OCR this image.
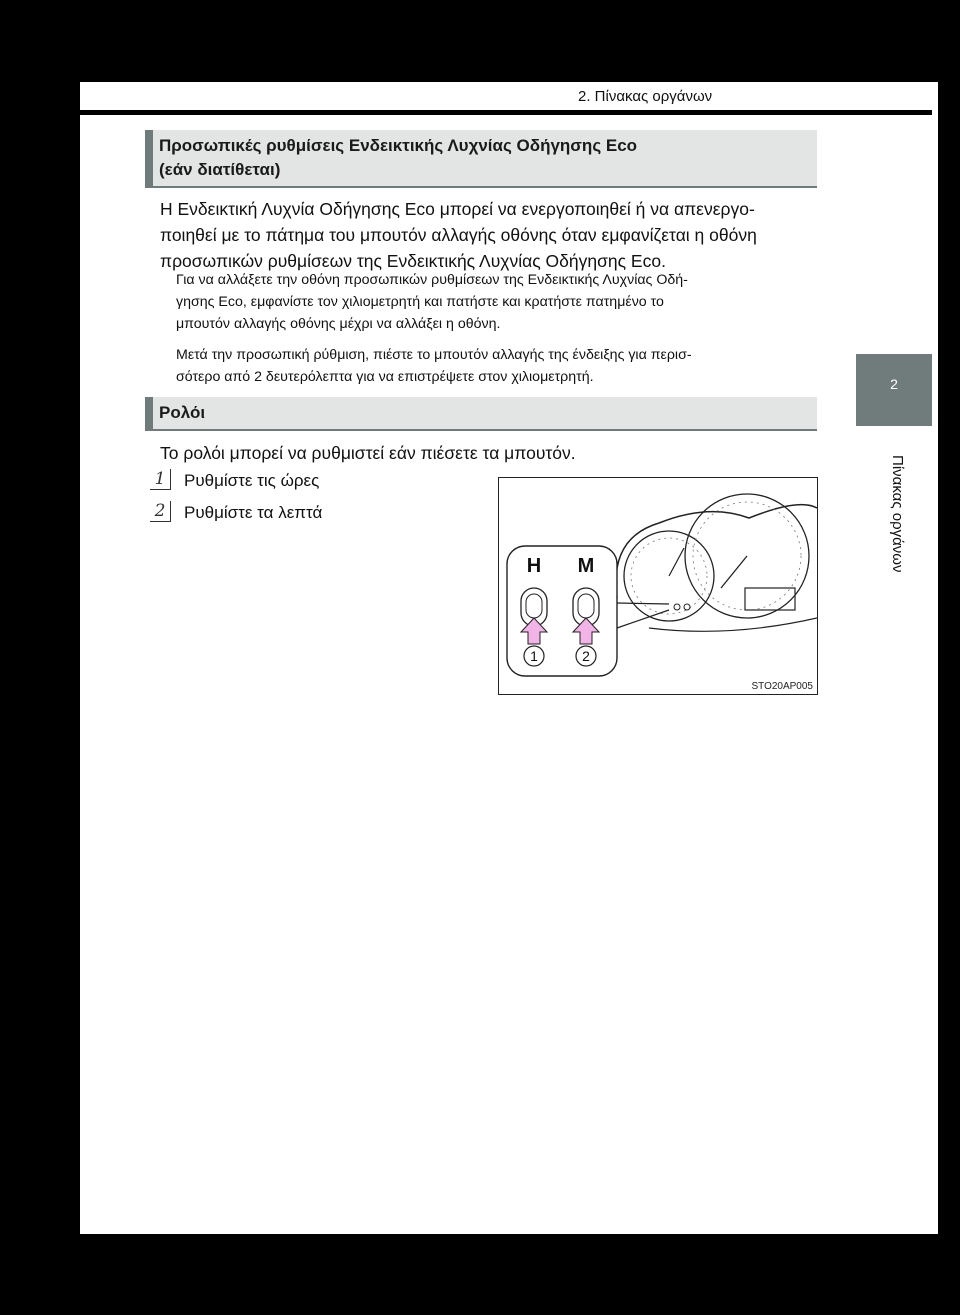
2. Πίνακας οργάνων
2
Πίνακας οργάνων
Προσωπικές ρυθμίσεις Ενδεικτικής Λυχνίας Οδήγησης Eco
(εάν διατίθεται)
Η Ενδεικτική Λυχνία Οδήγησης Eco μπορεί να ενεργοποιηθεί ή να απενεργο-
ποιηθεί με το πάτημα του μπουτόν αλλαγής οθόνης όταν εμφανίζεται η οθόνη
προσωπικών ρυθμίσεων της Ενδεικτικής Λυχνίας Οδήγησης Eco.
Για να αλλάξετε την οθόνη προσωπικών ρυθμίσεων της Ενδεικτικής Λυχνίας Οδή-
γησης Eco, εμφανίστε τον χιλιομετρητή και πατήστε και κρατήστε πατημένο το
μπουτόν αλλαγής οθόνης μέχρι να αλλάξει η οθόνη.
Μετά την προσωπική ρύθμιση, πιέστε το μπουτόν αλλαγής της ένδειξης για περισ-
σότερο από 2 δευτερόλεπτα για να επιστρέψετε στον χιλιομετρητή.
Ρολόι
Το ρολόι μπορεί να ρυθμιστεί εάν πιέσετε τα μπουτόν.
1	Ρυθμίστε τις ώρες
2	Ρυθμίστε τα λεπτά
H M
1	2
STO20AP005
